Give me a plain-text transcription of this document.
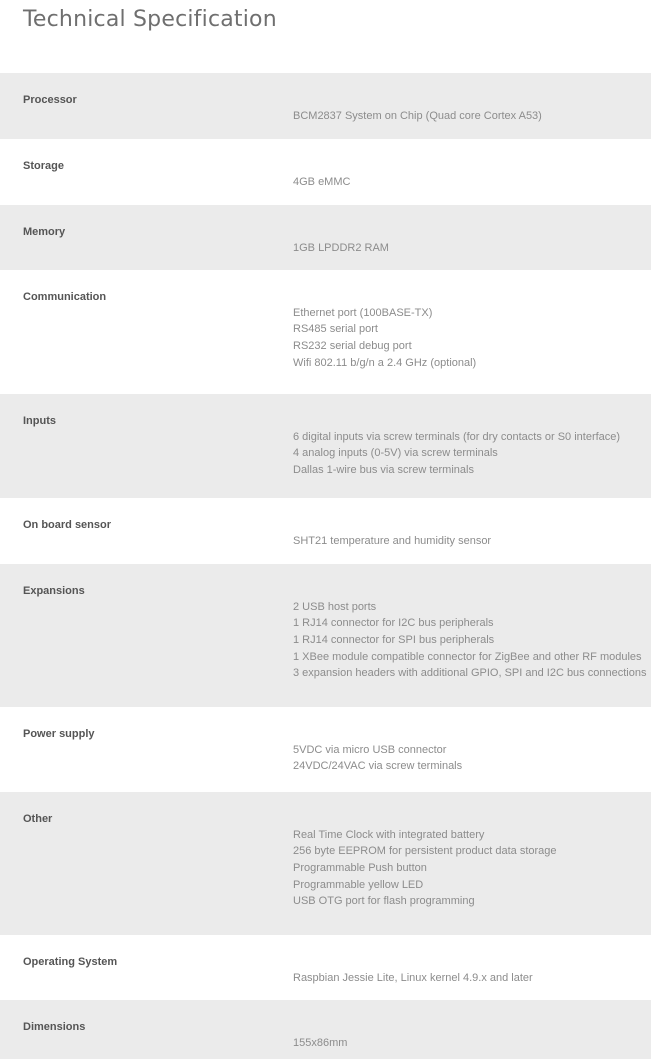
Technical Specification
Processor
BCM2837 System on Chip (Quad core Cortex A53)
Storage
4GB eMMC
Memory
1GB LPDDR2 RAM
Communication
Ethernet port (100BASE-TX)
RS485 serial port
RS232 serial debug port
Wifi 802.11 b/g/n a 2.4 GHz (optional)
Inputs
6 digital inputs via screw terminals (for dry contacts or S0 interface)
4 analog inputs (0-5V) via screw terminals
Dallas 1-wire bus via screw terminals
On board sensor
SHT21 temperature and humidity sensor
Expansions
2 USB host ports
1 RJ14 connector for I2C bus peripherals
1 RJ14 connector for SPI bus peripherals
1 XBee module compatible connector for ZigBee and other RF modules
3 expansion headers with additional GPIO, SPI and I2C bus connections
Power supply
5VDC via micro USB connector
24VDC/24VAC via screw terminals
Other
Real Time Clock with integrated battery
256 byte EEPROM for persistent product data storage
Programmable Push button
Programmable yellow LED
USB OTG port for flash programming
Operating System
Raspbian Jessie Lite, Linux kernel 4.9.x and later
Dimensions
155x86mm
